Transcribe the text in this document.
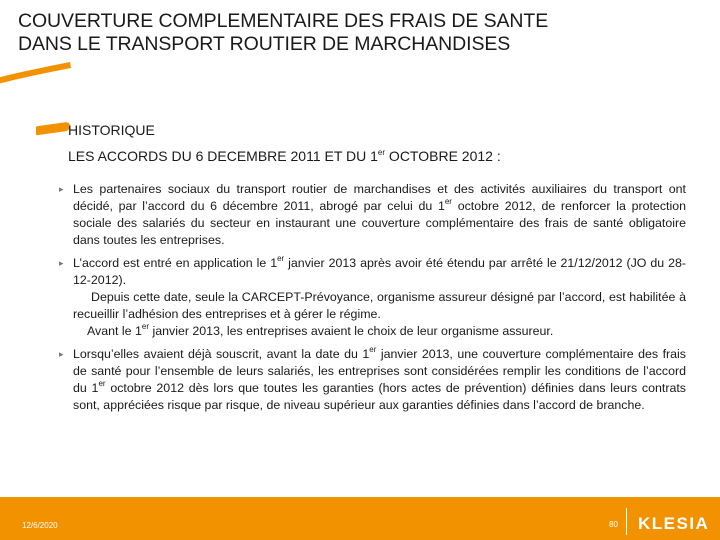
COUVERTURE COMPLEMENTAIRE DES FRAIS DE SANTE
DANS LE TRANSPORT ROUTIER DE MARCHANDISES
HISTORIQUE
LES ACCORDS DU 6 DECEMBRE 2011 ET DU 1er OCTOBRE 2012 :
▸ Les partenaires sociaux du transport routier de marchandises et des activités auxiliaires du transport ont décidé, par l’accord du 6 décembre 2011, abrogé par celui du 1er octobre 2012, de renforcer la protection sociale des salariés du secteur en instaurant une couverture complémentaire des frais de santé obligatoire dans toutes les entreprises.
▸ L’accord est entré en application le 1er janvier 2013 après avoir été étendu par arrêté le 21/12/2012 (JO du 28-12-2012).
Depuis cette date, seule la CARCEPT-Prévoyance, organisme assureur désigné par l’accord, est habilitée à recueillir l’adhésion des entreprises et à gérer le régime.
Avant le 1er janvier 2013, les entreprises avaient le choix de leur organisme assureur.
▸ Lorsqu’elles avaient déjà souscrit, avant la date du 1er janvier 2013, une couverture complémentaire des frais de santé pour l’ensemble de leurs salariés, les entreprises sont considérées remplir les conditions de l’accord du 1er octobre 2012 dès lors que toutes les garanties (hors actes de prévention) définies dans leurs contrats sont, appréciées risque par risque, de niveau supérieur aux garanties définies dans l’accord de branche.
12/6/2020	80 KLESIA
